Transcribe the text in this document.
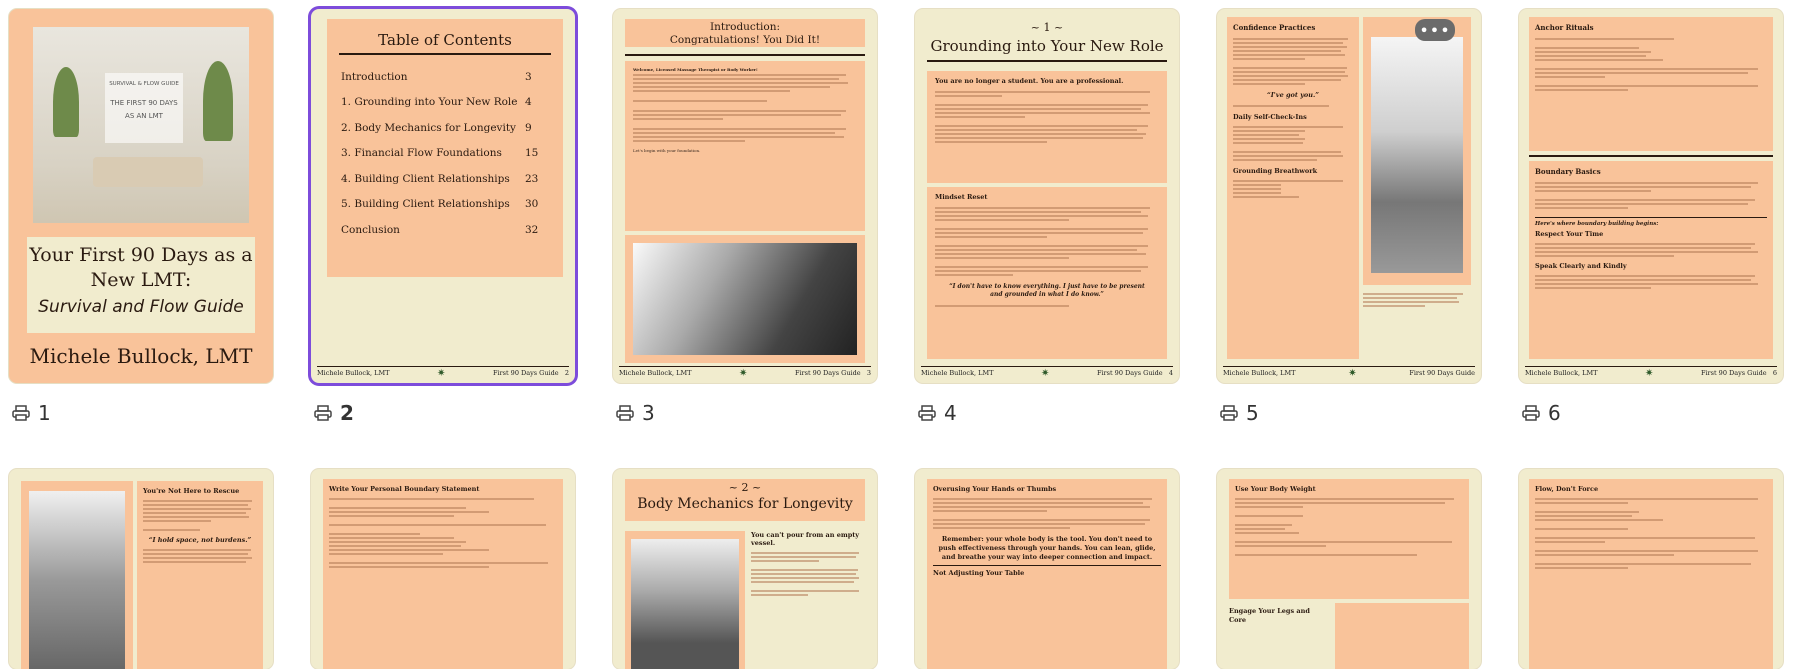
SURVIVAL & FLOW GUIDE
THE FIRST 90 DAYS AS AN LMT
Your First 90 Days as a New LMT:
Survival and Flow Guide
Michele Bullock, LMT
Table of Contents
Introduction	3
1. Grounding into Your New Role 4
2. Body Mechanics for Longevity 9
3. Financial Flow Foundations 15
4. Building Client Relationships 23
5. Building Client Relationships 30
Conclusion	32
Michele Bullock, LMT	✷	First 90 Days Guide 2
Introduction:
Congratulations! You Did It!
Welcome, Licensed Massage Therapist or Body Worker!
Let's begin with your foundation.
Michele Bullock, LMT	✷	First 90 Days Guide 3
~ 1 ~
Grounding into Your New Role
You are no longer a student. You are a professional.
Mindset Reset
“I don't have to know everything. I just have to be present and grounded in what I do know.”
Michele Bullock, LMT	✷	First 90 Days Guide 4
Confidence Practices
“I've got you.”
Daily Self-Check-Ins
Grounding Breathwork
•••
Michele Bullock, LMT	✷	First 90 Days Guide
Anchor Rituals
Boundary Basics
Here's where boundary building begins:
Respect Your Time
Speak Clearly and Kindly
Michele Bullock, LMT	✷	First 90 Days Guide 6
1	2	3	4	5	6
You're Not Here to Rescue
“I hold space, not burdens.”
Write Your Personal Boundary Statement	~ 2 ~
Body Mechanics for Longevity
You can't pour from an empty vessel.
Overusing Your Hands or Thumbs
Remember: your whole body is the tool. You don't need to push effectiveness through your hands. You can lean, glide, and breathe your way into deeper connection and impact.
Not Adjusting Your Table
Use Your Body Weight
Engage Your Legs and Core
Flow, Don't Force
